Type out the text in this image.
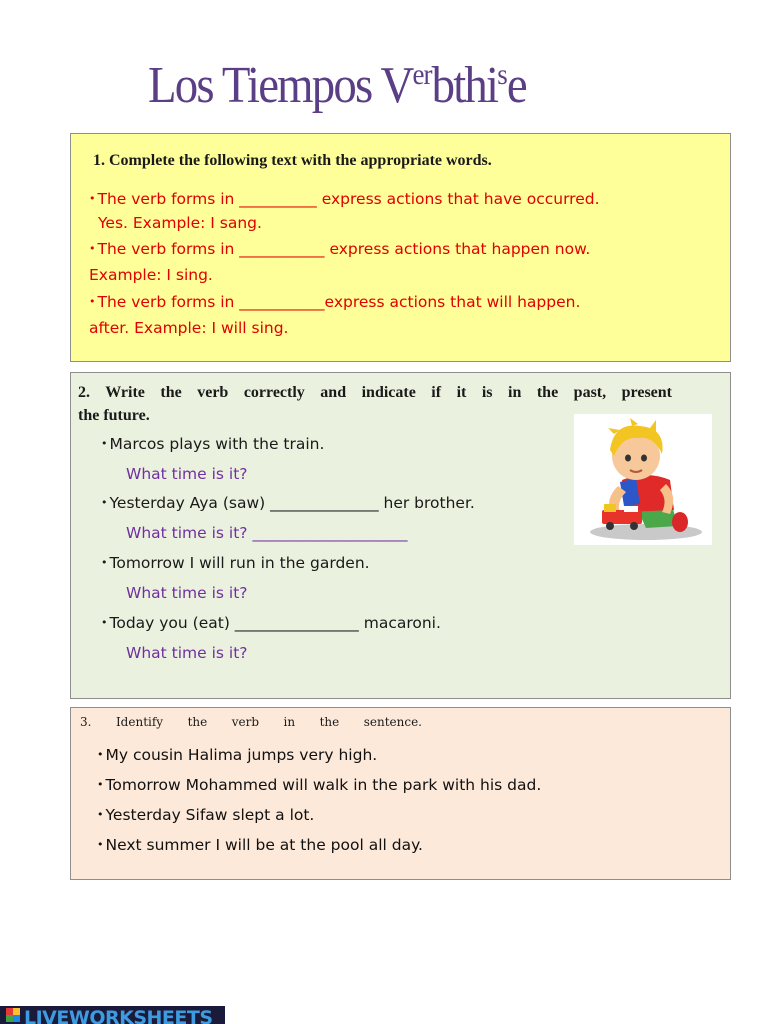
Los Tiempos Verbthi$^s$e
1. Complete the following text with the appropriate words.
• The verb forms in __________ express actions that have occurred.
Yes. Example: I sang.
• The verb forms in ___________ express actions that happen now.
Example: I sing.
• The verb forms in ___________express actions that will happen.
after. Example: I will sing.
2. Write the verb correctly and indicate if it is in the past, present
the future.
• Marcos plays with the train.
What time is it?
• Yesterday Aya (saw) ______________ her brother.
What time is it? ____________________
• Tomorrow I will run in the garden.
What time is it?
• Today you (eat) ________________ macaroni.
What time is it?
3. Identify the verb in the sentence.
• My cousin Halima jumps very high.
• Tomorrow Mohammed will walk in the park with his dad.
• Yesterday Sifaw slept a lot.
• Next summer I will be at the pool all day.
LIVEWORKSHEETS
